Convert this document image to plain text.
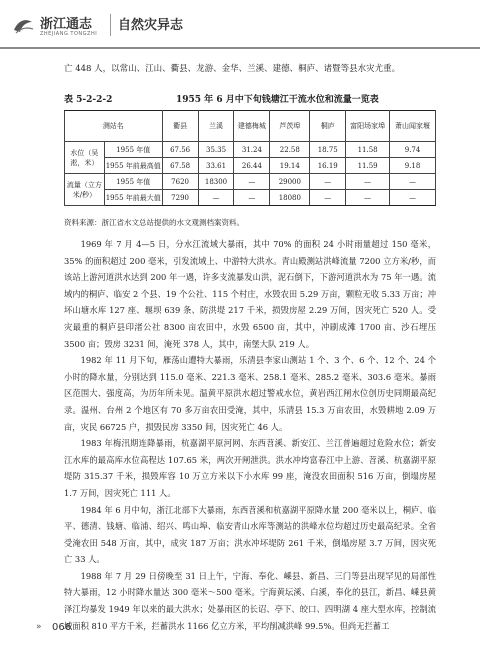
浙江通志
ZHEJIANG TONGZHI
自然灾异志
亡 448 人，以常山、江山、衢县、龙游、金华、兰溪、建德、桐庐、诸暨等县水灾尤重。
表 5-2-2-2	1955 年 6 月中下旬钱塘江干流水位和流量一览表
测站名		衢县	兰溪	建德梅城	芦茨埠	桐庐	富阳场家埠	萧山闻家堰
水位（吴淞，米）	1955 年值	67.56	35.35	31.24	22.58	18.75	11.58	9.74
	1955 年前最高值	67.58	33.61	26.44	19.14	16.19	11.59	9.18
流量（立方米/秒）	1955 年值	7620	18300	—	29000	—	—	—
	1955 年前最大值	7290	—	—	18080	—	—	—
资料来源：浙江省水文总站提供的水文观测档案资料。

1969 年 7 月 4—5 日，分水江流域大暴雨，其中 70% 的面积 24 小时雨量超过 150 毫米，35% 的面积超过 200 毫米，引发流域上、中游特大洪水。青山殿测站洪峰流量 7200 立方米/秒，而该站上游河道洪水达到 200 年一遇，许多支流暴发山洪，泥石倒下，下游河道洪水为 75 年一遇。流域内的桐庐、临安 2 个县、19 个公社、115 个村庄，水毁农田 5.29 万亩，颗粒无收 5.33 万亩；冲坏山塘水库 127 座、堰坝 639 条、防洪堤 217 千米，损毁房屋 2.29 万间，因灾死亡 520 人。受灾最重的桐庐县印渚公社 8300 亩农田中，水毁 6500 亩，其中，冲刷成滩 1700 亩、沙石埋压 3500 亩；毁房 3231 间，淹死 378 人，其中，南堡大队 219 人。

1982 年 11 月下旬，雁荡山遭特大暴雨，乐清县李家山测站 1 个、3 个、6 个、12 个、24 个小时的降水量，分别达到 115.0 毫米、221.3 毫米、258.1 毫米、285.2 毫米、303.6 毫米。暴雨区范围大、强度高，为历年所未见。温黄平原洪水超过警戒水位，黄岩西江闸水位创历史同期最高纪录。温州、台州 2 个地区有 70 多万亩农田受淹，其中，乐清县 15.3 万亩农田，水毁耕地 2.09 万亩，灾民 66725 户，损毁民房 3350 间，因灾死亡 46 人。

1983 年梅汛期连降暴雨，杭嘉湖平原河网、东西苕溪、新安江、兰江普遍超过危险水位；新安江水库的最高库水位高程达 107.65 米，两次开闸泄洪。洪水冲垮富春江中上游、苕溪、杭嘉湖平原堤防 315.37 千米，损毁库容 10 万立方米以下小水库 99 座，淹没农田面积 516 万亩，倒塌房屋 1.7 万间，因灾死亡 111 人。

1984 年 6 月中旬，浙江北部下大暴雨，东西苕溪和杭嘉湖平原降水量 200 毫米以上，桐庐、临平、德清、钱塘、临浦、绍兴、鸣山埠、临安青山水库等测站的洪峰水位均超过历史最高纪录。全省受淹农田 548 万亩，其中，成灾 187 万亩；洪水冲坏堤防 261 千米，倒塌房屋 3.7 万间，因灾死亡 33 人。

1988 年 7 月 29 日傍晚至 31 日上午，宁海、奉化、嵊县、新昌、三门等县出现罕见的局部性特大暴雨，12 小时降水量达 300 毫米～500 毫米。宁海黄坛溪、白溪，奉化的县江，新昌、嵊县黄泽江均暴发 1949 年以来的最大洪水；处暴雨区的长诏、亭下、皎口、四明湖 4 座大型水库，控制流域面积 810 平方千米，拦蓄洪水 1166 亿立方米，平均削减洪峰 99.5%。但尚无拦蓄工

» 066
